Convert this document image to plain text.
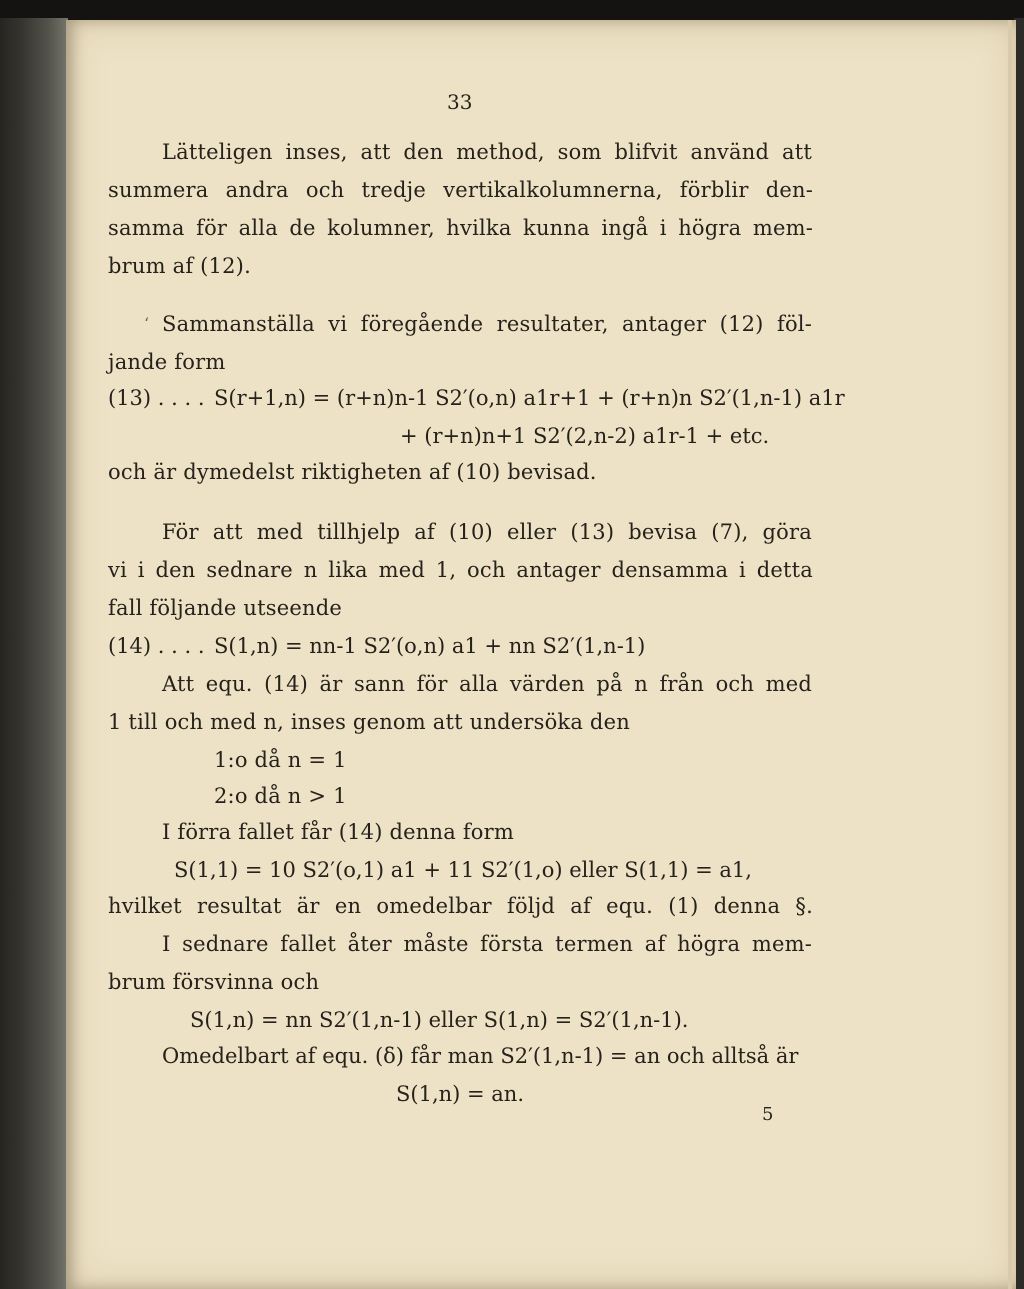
33
Lätteligen inses, att den method, som blifvit använd att
summera andra och tredje vertikalkolumnerna, förblir den-
samma för alla de kolumner, hvilka kunna ingå i högra mem-
brum af (12).
‘ Sammanställa vi föregående resultater, antager (12) föl-
jande form
(13) . . . . S(r+1,n) = (r+n)n-1 S2′(o,n) a1r+1 + (r+n)n S2′(1,n-1) a1r
+ (r+n)n+1 S2′(2,n-2) a1r-1 + etc.
och är dymedelst riktigheten af (10) bevisad.
För att med tillhjelp af (10) eller (13) bevisa (7), göra
vi i den sednare n lika med 1, och antager densamma i detta
fall följande utseende
(14) . . . . S(1,n) = nn-1 S2′(o,n) a1 + nn S2′(1,n-1)
Att equ. (14) är sann för alla värden på n från och med
1 till och med n, inses genom att undersöka den
1:o då n = 1
2:o då n > 1
I förra fallet får (14) denna form
S(1,1) = 10 S2′(o,1) a1 + 11 S2′(1,o) eller S(1,1) = a1,
hvilket resultat är en omedelbar följd af equ. (1) denna §.
I sednare fallet åter måste första termen af högra mem-
brum försvinna och
S(1,n) = nn S2′(1,n-1) eller S(1,n) = S2′(1,n-1).
Omedelbart af equ. (δ) får man S2′(1,n-1) = an och alltså är
S(1,n) = an.
5
